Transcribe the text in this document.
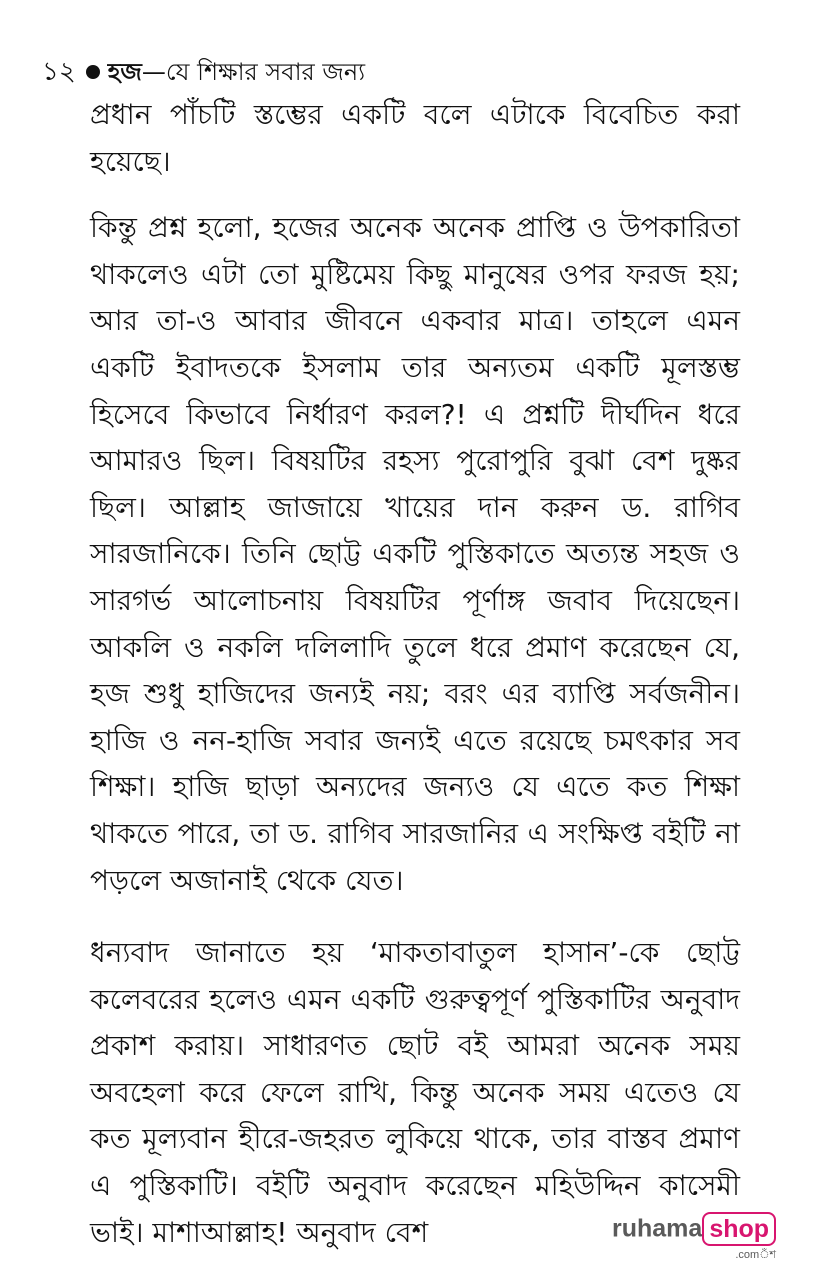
১২ হজ—যে শিক্ষার সবার জন্য

প্রধান পাঁচটি স্তম্ভের একটি বলে এটাকে বিবেচিত করা হয়েছে।

কিন্তু প্রশ্ন হলো, হজের অনেক অনেক প্রাপ্তি ও উপকারিতা থাকলেও এটা তো মুষ্টিমেয় কিছু মানুষের ওপর ফরজ হয়; আর তা-ও আবার জীবনে একবার মাত্র। তাহলে এমন একটি ইবাদতকে ইসলাম তার অন্যতম একটি মূলস্তম্ভ হিসেবে কিভাবে নির্ধারণ করল?! এ প্রশ্নটি দীর্ঘদিন ধরে আমারও ছিল। বিষয়টির রহস্য পুরোপুরি বুঝা বেশ দুষ্কর ছিল। আল্লাহ জাজায়ে খায়ের দান করুন ড. রাগিব সারজানিকে। তিনি ছোট্ট একটি পুস্তিকাতে অত্যন্ত সহজ ও সারগর্ভ আলোচনায় বিষয়টির পূর্ণাঙ্গ জবাব দিয়েছেন। আকলি ও নকলি দলিলাদি তুলে ধরে প্রমাণ করেছেন যে, হজ শুধু হাজিদের জন্যই নয়; বরং এর ব্যাপ্তি সর্বজনীন। হাজি ও নন-হাজি সবার জন্যই এতে রয়েছে চমৎকার সব শিক্ষা। হাজি ছাড়া অন্যদের জন্যও যে এতে কত শিক্ষা থাকতে পারে, তা ড. রাগিব সারজানির এ সংক্ষিপ্ত বইটি না পড়লে অজানাই থেকে যেত।

ধন্যবাদ জানাতে হয় ‘মাকতাবাতুল হাসান’-কে ছোট্ট কলেবরের হলেও এমন একটি গুরুত্বপূর্ণ পুস্তিকাটির অনুবাদ প্রকাশ করায়। সাধারণত ছোট বই আমরা অনেক সময় অবহেলা করে ফেলে রাখি, কিন্তু অনেক সময় এতেও যে কত মূল্যবান হীরে-জহরত লুকিয়ে থাকে, তার বাস্তব প্রমাণ এ পুস্তিকাটি। বইটি অনুবাদ করেছেন মহিউদ্দিন কাসেমী ভাই। মাশাআল্লাহ! অনুবাদ বেশ	ruhama shop
.comঁশ
